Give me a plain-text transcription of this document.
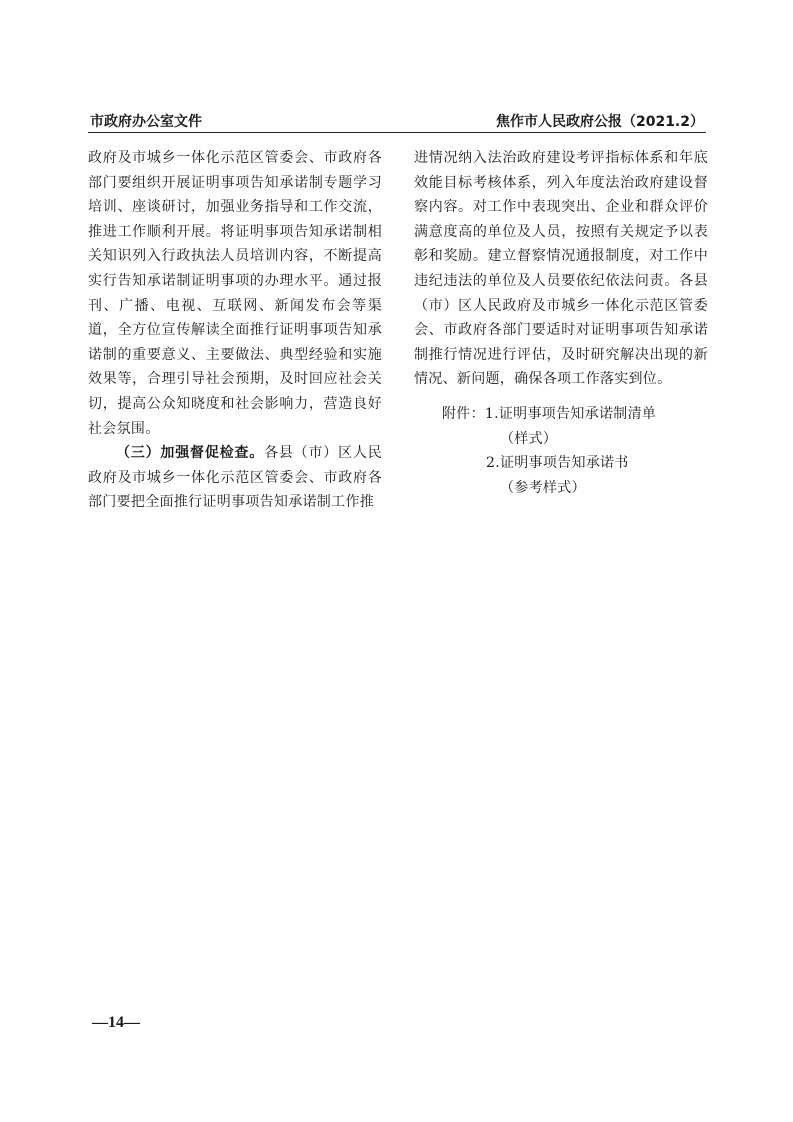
市政府办公室文件	焦作市人民政府公报（2021.2）

政府及市城乡一体化示范区管委会、市政府各部门要组织开展证明事项告知承诺制专题学习培训、座谈研讨，加强业务指导和工作交流，推进工作顺利开展。将证明事项告知承诺制相关知识列入行政执法人员培训内容，不断提高实行告知承诺制证明事项的办理水平。通过报刊、广播、电视、互联网、新闻发布会等渠道，全方位宣传解读全面推行证明事项告知承诺制的重要意义、主要做法、典型经验和实施效果等，合理引导社会预期，及时回应社会关切，提高公众知晓度和社会影响力，营造良好社会氛围。

（三）加强督促检查。各县（市）区人民政府及市城乡一体化示范区管委会、市政府各部门要把全面推行证明事项告知承诺制工作推

进情况纳入法治政府建设考评指标体系和年底效能目标考核体系，列入年度法治政府建设督察内容。对工作中表现突出、企业和群众评价满意度高的单位及人员，按照有关规定予以表彰和奖励。建立督察情况通报制度，对工作中违纪违法的单位及人员要依纪依法问责。各县（市）区人民政府及市城乡一体化示范区管委会、市政府各部门要适时对证明事项告知承诺制推行情况进行评估，及时研究解决出现的新情况、新问题，确保各项工作落实到位。

附件：1.证明事项告知承诺制清单
（样式）
2.证明事项告知承诺书
（参考样式）
—14—
